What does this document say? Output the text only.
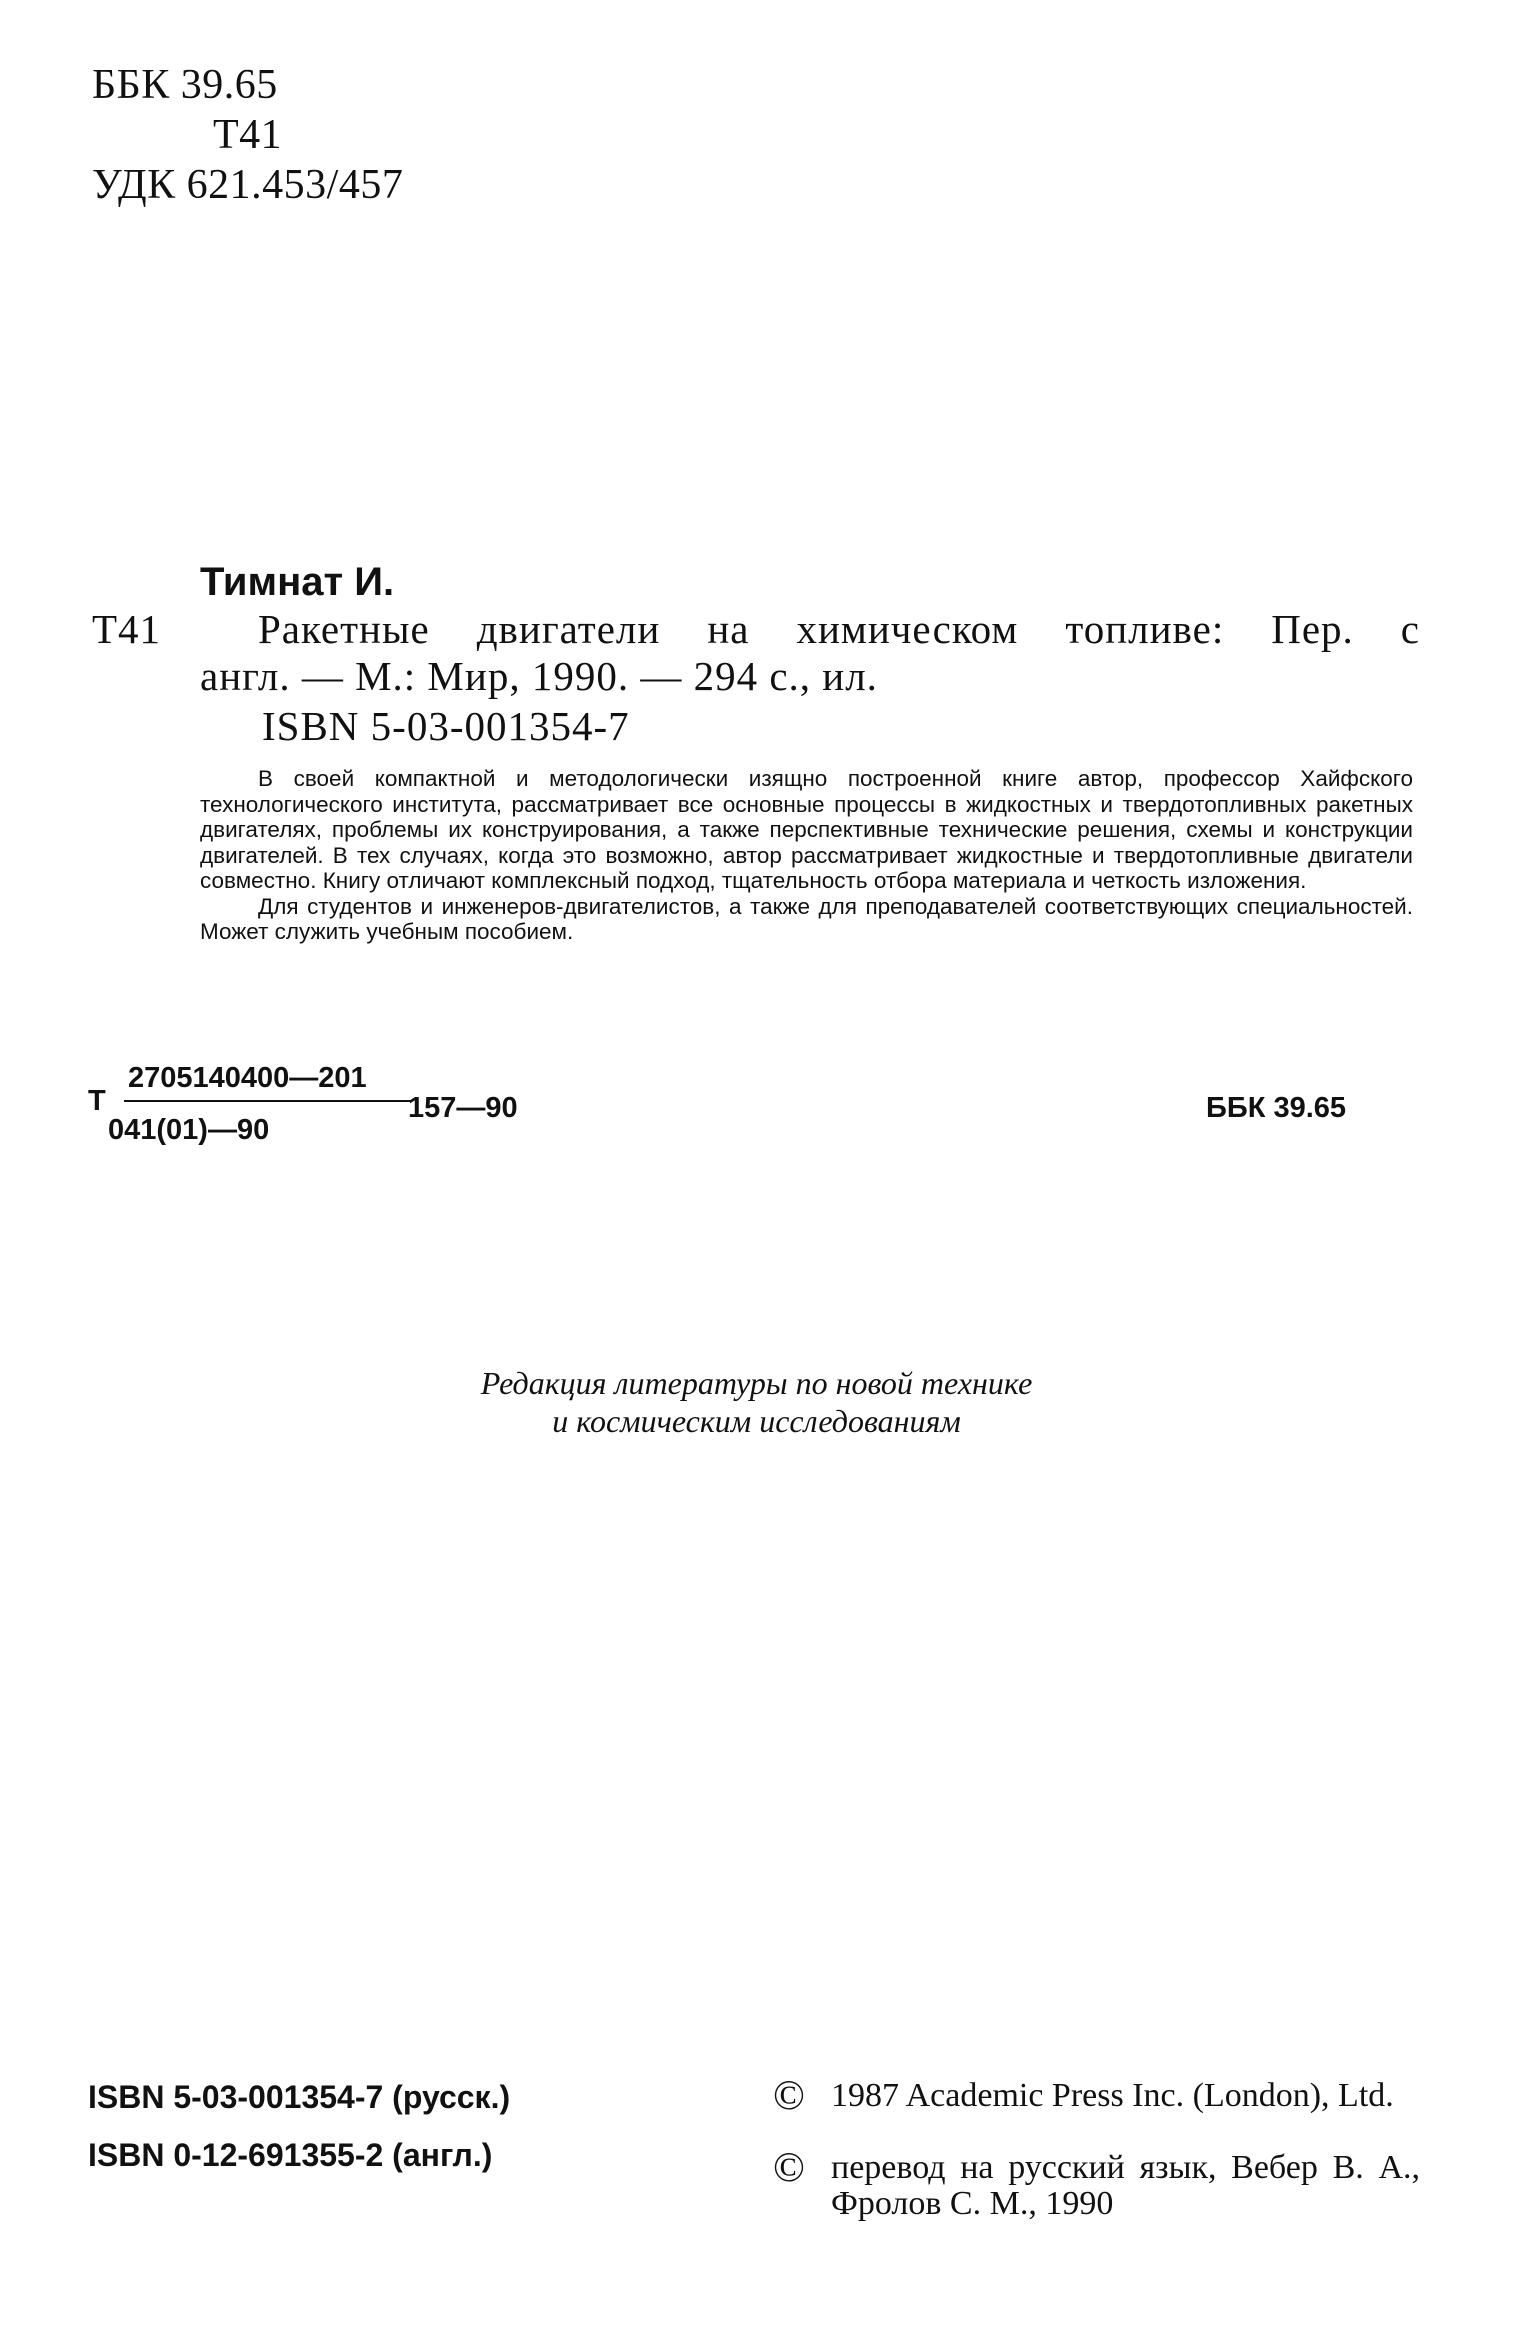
ББК 39.65
Т41
УДК 621.453/457
Тимнат И.
Т41 Ракетные двигатели на химическом топливе: Пер. с
англ. — М.: Мир, 1990. — 294 с., ил.
ISBN 5-03-001354-7

В своей компактной и методологически изящно построенной книге автор, профессор Хайфского технологического института, рассматривает все основные процессы в жидкостных и твердотопливных ракетных двигателях, проблемы их конструирования, а также перспективные технические решения, схемы и конструкции двигателей. В тех случаях, когда это возможно, автор рассматривает жидкостные и твердотопливные двигатели совместно. Книгу отличают комплексный подход, тщательность отбора материала и четкость изложения.

Для студентов и инженеров-двигателистов, а также для преподавателей соответствующих специальностей. Может служить учебным пособием.

Т
2705140400—201
041(01)—90
157—90	ББК 39.65
Редакция литературы по новой технике
и космическим исследованиям
ISBN 5-03-001354-7 (русск.)
ISBN 0-12-691355-2 (англ.)
© 1987 Academic Press Inc. (London), Ltd.
© перевод на русский язык, Вебер В. А., Фролов С. М., 1990
